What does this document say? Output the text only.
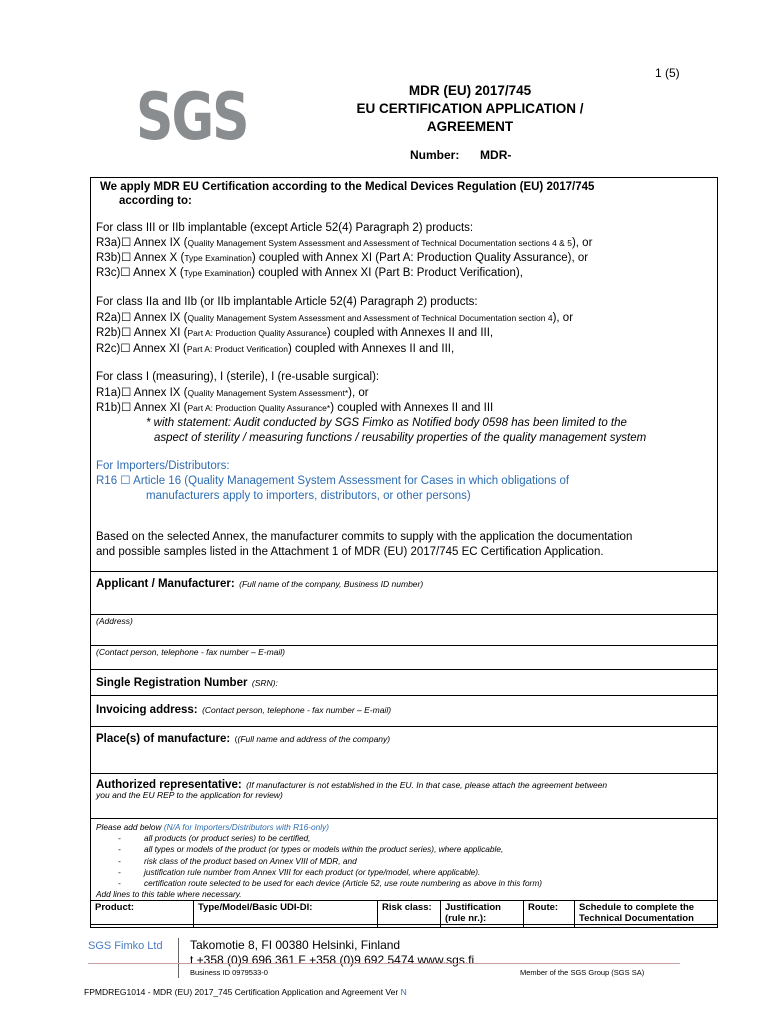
SGS
1 (5)
MDR (EU) 2017/745
EU CERTIFICATION APPLICATION /
AGREEMENT
Number: MDR-
We apply MDR EU Certification according to the Medical Devices Regulation (EU) 2017/745
according to:
For class III or IIb implantable (except Article 52(4) Paragraph 2) products:
R3a)☐ Annex IX (Quality Management System Assessment and Assessment of Technical Documentation sections 4 & 5), or
R3b)☐ Annex X (Type Examination) coupled with Annex XI (Part A: Production Quality Assurance), or
R3c)☐ Annex X (Type Examination) coupled with Annex XI (Part B: Product Verification),
For class IIa and IIb (or IIb implantable Article 52(4) Paragraph 2) products:
R2a)☐ Annex IX (Quality Management System Assessment and Assessment of Technical Documentation section 4), or
R2b)☐ Annex XI (Part A: Production Quality Assurance) coupled with Annexes II and III,
R2c)☐ Annex XI (Part A: Product Verification) coupled with Annexes II and III,
For class I (measuring), I (sterile), I (re-usable surgical):
R1a)☐ Annex IX (Quality Management System Assessment*), or
R1b)☐ Annex XI (Part A: Production Quality Assurance*) coupled with Annexes II and III
* with statement: Audit conducted by SGS Fimko as Notified body 0598 has been limited to the
aspect of sterility / measuring functions / reusability properties of the quality management system
For Importers/Distributors:
R16 ☐ Article 16 (Quality Management System Assessment for Cases in which obligations of
manufacturers apply to importers, distributors, or other persons)
Based on the selected Annex, the manufacturer commits to supply with the application the documentation
and possible samples listed in the Attachment 1 of MDR (EU) 2017/745 EC Certification Application.
Applicant / Manufacturer: (Full name of the company, Business ID number)
(Address)
(Contact person, telephone - fax number – E-mail)
Single Registration Number (SRN):
Invoicing address: (Contact person, telephone - fax number – E-mail)
Place(s) of manufacture: ((Full name and address of the company)
Authorized representative: (If manufacturer is not established in the EU. In that case, please attach the agreement between
you and the EU REP to the application for review)
Please add below (N/A for Importers/Distributors with R16-only)
-	all products (or product series) to be certified,
-	all types or models of the product (or types or models within the product series), where applicable,
-	risk class of the product based on Annex VIII of MDR, and
-	justification rule number from Annex VIII for each product (or type/model, where applicable).
-	certification route selected to be used for each device (Article 52, use route numbering as above in this form)
Add lines to this table where necessary.
Product:	Type/Model/Basic UDI-DI:	Risk class:	Justification (rule nr.):	Route:	Schedule to complete the Technical Documentation
SGS Fimko Ltd Takomotie 8, FI 00380 Helsinki, Finland
t +358 (0)9 696 361 F +358 (0)9 692 5474 www.sgs.fi
Business ID 0979533-0	Member of the SGS Group (SGS SA)
FPMDREG1014 - MDR (EU) 2017_745 Certification Application and Agreement Ver N
